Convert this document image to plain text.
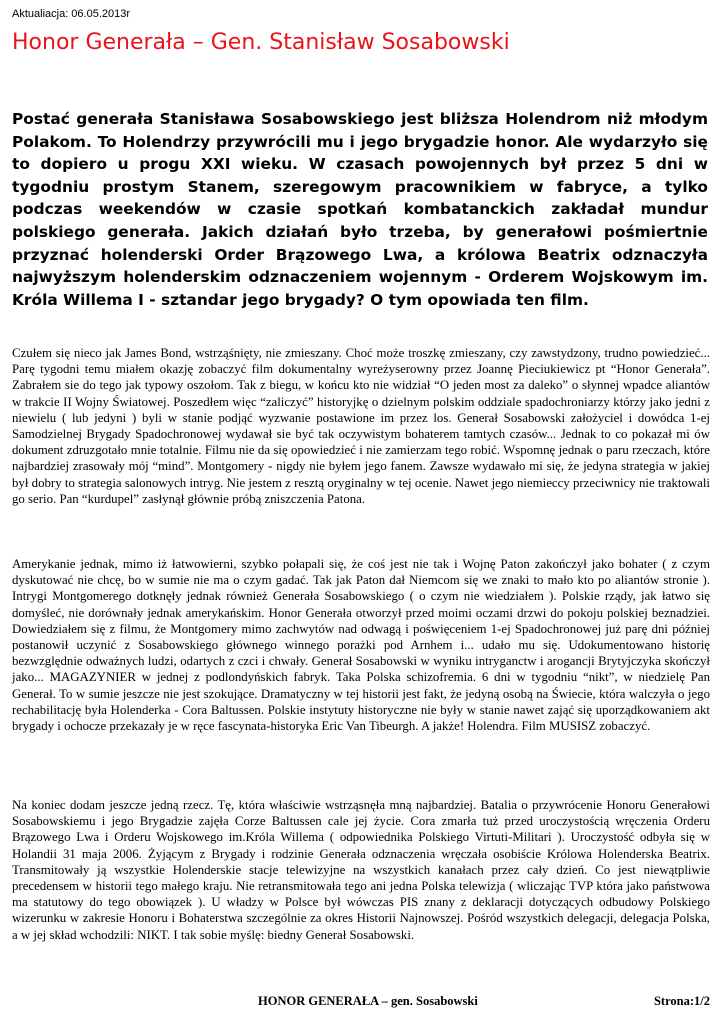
Aktualiacja: 06.05.2013r
Honor Generała – Gen. Stanisław Sosabowski

Postać generała Stanisława Sosabowskiego jest bliższa Holendrom niż młodym Polakom. To Holendrzy przywrócili mu i jego brygadzie honor. Ale wydarzyło się to dopiero u progu XXI wieku. W czasach powojennych był przez 5 dni w tygodniu prostym Stanem, szeregowym pracownikiem w fabryce, a tylko podczas weekendów w czasie spotkań kombatanckich zakładał mundur polskiego generała. Jakich działań było trzeba, by generałowi pośmiertnie przyznać holenderski Order Brązowego Lwa, a królowa Beatrix odznaczyła najwyższym holenderskim odznaczeniem wojennym - Orderem Wojskowym im. Króla Willema I - sztandar jego brygady? O tym opowiada ten film.

Czułem się nieco jak James Bond, wstrząśnięty, nie zmieszany. Choć może troszkę zmieszany, czy zawstydzony, trudno powiedzieć... Parę tygodni temu miałem okazję zobaczyć film dokumentalny wyreżyserowny przez Joannę Pieciukiewicz pt “Honor Generała”. Zabrałem sie do tego jak typowy oszołom. Tak z biegu, w końcu kto nie widział “O jeden most za daleko” o słynnej wpadce aliantów w trakcie II Wojny Światowej. Poszedłem więc “zaliczyć” historyjkę o dzielnym polskim oddziale spadochroniarzy którzy jako jedni z niewielu ( lub jedyni ) byli w stanie podjąć wyzwanie postawione im przez los. Generał Sosabowski założyciel i dowódca 1-ej Samodzielnej Brygady Spadochronowej wydawał sie być tak oczywistym bohaterem tamtych czasów... Jednak to co pokazał mi ów dokument zdruzgotało mnie totalnie. Filmu nie da się opowiedzieć i nie zamierzam tego robić. Wspomnę jednak o paru rzeczach, które najbardziej zrasowały mój “mind”. Montgomery - nigdy nie byłem jego fanem. Zawsze wydawało mi się, że jedyna strategia w jakiej był dobry to strategia salonowych intryg. Nie jestem z resztą oryginalny w tej ocenie. Nawet jego niemieccy przeciwnicy nie traktowali go serio. Pan “kurdupel” zasłynął głównie próbą zniszczenia Patona.

Amerykanie jednak, mimo iż łatwowierni, szybko połapali się, że coś jest nie tak i Wojnę Paton zakończył jako bohater ( z czym dyskutować nie chcę, bo w sumie nie ma o czym gadać. Tak jak Paton dał Niemcom się we znaki to mało kto po aliantów stronie ). Intrygi Montgomerego dotknęły jednak również Generała Sosabowskiego ( o czym nie wiedziałem ). Polskie rządy, jak łatwo się domyśleć, nie dorównały jednak amerykańskim. Honor Generała otworzył przed moimi oczami drzwi do pokoju polskiej beznadziei. Dowiedziałem się z filmu, że Montgomery mimo zachwytów nad odwagą i poświęceniem 1-ej Spadochronowej już parę dni później postanowił uczynić z Sosabowskiego głównego winnego porażki pod Arnhem i... udało mu się. Udokumentowano historię bezwzględnie odważnych ludzi, odartych z czci i chwały. Generał Sosabowski w wyniku intryganctw i arogancji Brytyjczyka skończył jako... MAGAZYNIER w jednej z podlondyńskich fabryk. Taka Polska schizofremia. 6 dni w tygodniu “nikt”, w niedzielę Pan Generał. To w sumie jeszcze nie jest szokujące. Dramatyczny w tej historii jest fakt, że jedyną osobą na Świecie, która walczyła o jego rechabilitację była Holenderka - Cora Baltussen. Polskie instytuty historyczne nie były w stanie nawet zająć się uporządkowaniem akt brygady i ochocze przekazały je w ręce fascynata-historyka Eric Van Tibeurgh. A jakże! Holendra. Film MUSISZ zobaczyć.

Na koniec dodam jeszcze jedną rzecz. Tę, która właściwie wstrząsnęła mną najbardziej. Batalia o przywrócenie Honoru Generałowi Sosabowskiemu i jego Brygadzie zajęła Corze Baltussen cale jej życie. Cora zmarła tuż przed uroczystością wręczenia Orderu Brązowego Lwa i Orderu Wojskowego im.Króla Willema ( odpowiednika Polskiego Virtuti-Militari ). Uroczystość odbyła się w Holandii 31 maja 2006. Żyjącym z Brygady i rodzinie Generała odznaczenia wręczała osobiście Królowa Holenderska Beatrix. Transmitowały ją wszystkie Holenderskie stacje telewizyjne na wszystkich kanałach przez cały dzień. Co jest niewątpliwie precedensem w historii tego małego kraju. Nie retransmitowała tego ani jedna Polska telewizja ( wliczając TVP która jako państwowa ma statutowy do tego obowiązek ). U władzy w Polsce był wówczas PIS znany z deklaracji dotyczących odbudowy Polskiego wizerunku w zakresie Honoru i Bohaterstwa szczególnie za okres Historii Najnowszej. Pośród wszystkich delegacji, delegacja Polska, a w jej skład wchodzili: NIKT. I tak sobie myślę: biedny Generał Sosabowski.

HONOR GENERAŁA – gen. Sosabowski	Strona:1/2
